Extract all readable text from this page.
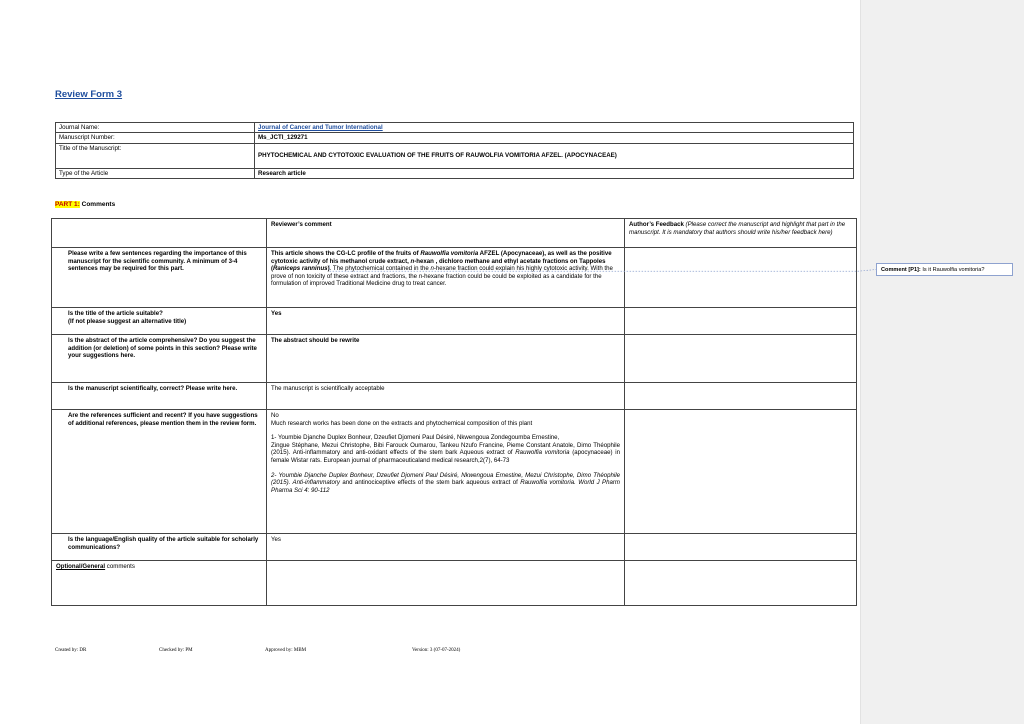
Review Form 3
Journal Name:	Journal of Cancer and Tumor International
Manuscript Number:	Ms_JCTI_129271
Title of the Manuscript:	PHYTOCHEMICAL AND CYTOTOXIC EVALUATION OF THE FRUITS OF RAUWOLFIA VOMITORIA AFZEL. (APOCYNACEAE)
Type of the Article	Research article
PART 1: Comments
	Reviewer’s comment	Author’s Feedback (Please correct the manuscript and highlight that part in the manuscript. It is mandatory that authors should write his/her feedback here)
Please write a few sentences regarding the importance of this manuscript for the scientific community. A minimum of 3-4 sentences may be required for this part.	This article shows the CG-LC profile of the fruits of Rauwolfia vomitoria AFZEL (Apocynaceae), as well as the positive cytotoxic activity of his methanol crude extract, n-hexan , dichloro methane and ethyl acetate fractions on Tappoles (Raniceps ranninus). The phytochemical contained in the n-hexane fraction could explain his highly cytotoxic activity. With the prove of non toxicity of these extract and fractions, the n-hexane fraction could be could be exploited as a candidate for the formulation of improved Traditional Medicine drug to treat cancer.	
Is the title of the article suitable?
(If not please suggest an alternative title)	Yes	
Is the abstract of the article comprehensive? Do you suggest the addition (or deletion) of some points in this section? Please write your suggestions here.	The abstract should be rewrite	
Is the manuscript scientifically, correct? Please write here.	The manuscript is scientifically acceptable	
Are the references sufficient and recent? If you have suggestions of additional references, please mention them in the review form.	No
Much research works has been done on the extracts and phytochemical composition of this plant
1- Youmbie Djanche Duplex Bonheur, Dzeufiet Djomeni Paul Désiré, Nkwengoua Zondegoumba Ernestine,
Zingue Stéphane, Mezui Christophe, Bibi Farouck Oumarou, Tankeu Nzufo Francine, Pieme Constant Anatole, Dimo Théophile (2015). Anti-inflammatory and anti-oxidant effects of the stem bark Aqueous extract of Rauwolfia vomitoria (apocynaceae) in female Wistar rats. European journal of pharmaceuticaland medical research,2(7), 64-73
2- Youmbie Djanche Duplex Bonheur, Dzeufiet Djomeni Paul Désiré, Nkwengoua Ernestine, Mezui Christophe, Dimo Théophile (2015). Anti-inflammatory and antinociceptive effects of the stem bark aqueous extract of Rauwolfia vomitoria. World J Pharm Pharma Sci 4: 90-112	

Is the language/English quality of the article suitable for scholarly communications?	Yes	
Optional/General comments		
Created by: DR	Checked by: PM	Approved by: MBM	Version: 3 (07-07-2024)
Comment [P1]: Is it Rauwolfia vomitoria?
